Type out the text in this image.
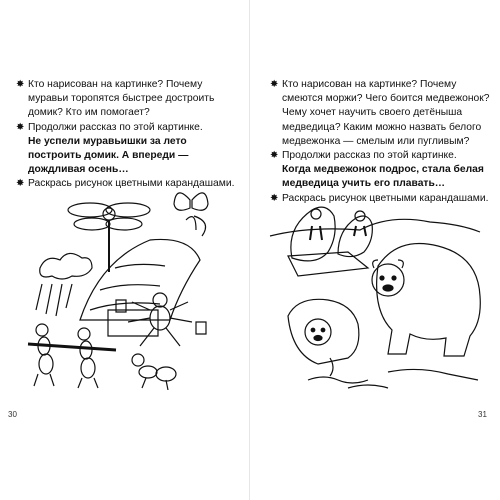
✸ Кто нарисован на картинке? Почему муравьи торопятся быстрее достроить домик? Кто им помогает?

✸ Продолжи рассказ по этой картинке.

Не успели муравьишки за лето построить домик. А впереди — дождливая осень…

✸ Раскрась рисунок цветными карандашами.

30

✸ Кто нарисован на картинке? Почему смеются моржи? Чего боится медвежонок? Чему хочет научить своего детёныша медведица? Каким можно назвать белого медвежонка — смелым или пугливым?

✸ Продолжи рассказ по этой картинке.

Когда медвежонок подрос, стала белая медведица учить его плавать…

✸ Раскрась рисунок цветными карандашами.

31
